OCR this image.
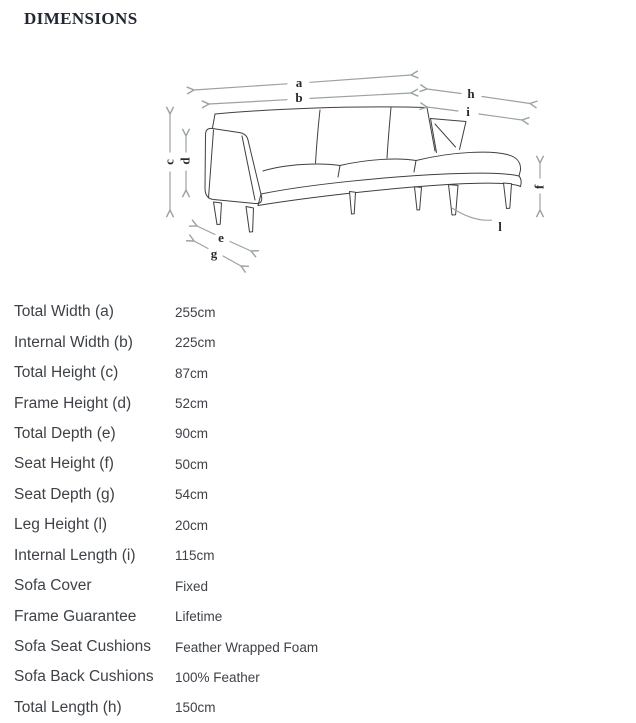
DIMENSIONS
a
b	h
i
c d
f
e
g
l
Total Width (a)	255cm
Internal Width (b)	225cm
Total Height (c)	87cm
Frame Height (d)	52cm
Total Depth (e)	90cm
Seat Height (f)	50cm
Seat Depth (g)	54cm
Leg Height (l)	20cm
Internal Length (i)	115cm
Sofa Cover	Fixed
Frame Guarantee	Lifetime
Sofa Seat Cushions	Feather Wrapped Foam
Sofa Back Cushions	100% Feather
Total Length (h)	150cm
